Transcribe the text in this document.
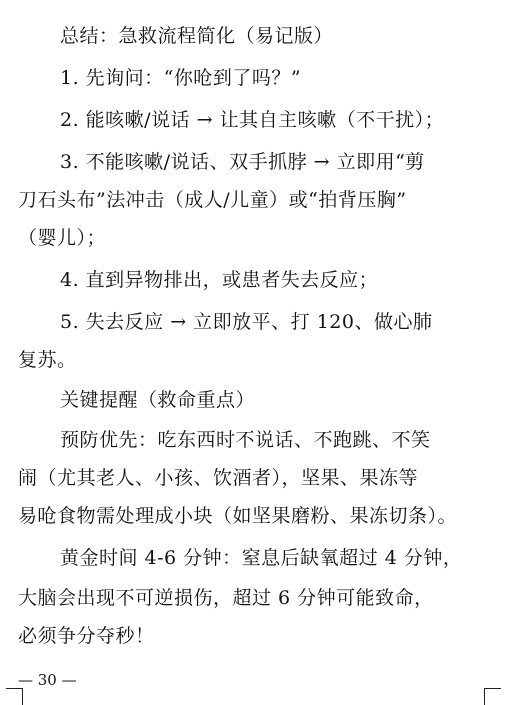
总结：急救流程简化（易记版）
1. 先询问：“你呛到了吗？”
2. 能咳嗽/说话 → 让其自主咳嗽（不干扰）；
3. 不能咳嗽/说话、双手抓脖 → 立即用“剪
刀石头布”法冲击（成人/儿童）或“拍背压胸”
（婴儿）；
4. 直到异物排出，或患者失去反应；
5. 失去反应 → 立即放平、打 120、做心肺
复苏。
关键提醒（救命重点）
预防优先：吃东西时不说话、不跑跳、不笑
闹（尤其老人、小孩、饮酒者），坚果、果冻等
易呛食物需处理成小块（如坚果磨粉、果冻切条）。
黄金时间 4-6 分钟：窒息后缺氧超过 4 分钟，
大脑会出现不可逆损伤，超过 6 分钟可能致命，
必须争分夺秒！
— 30 —
